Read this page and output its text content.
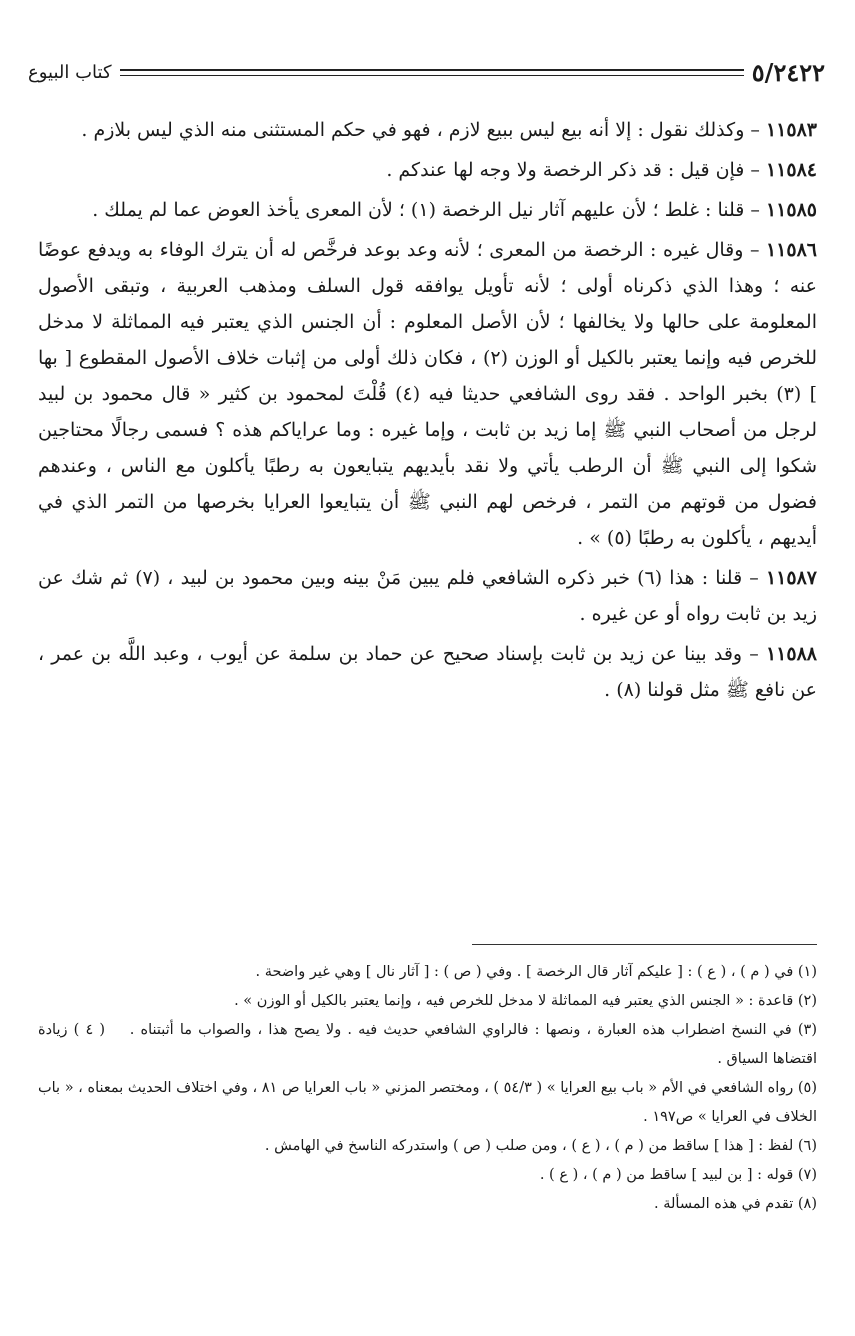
٥/٢٤٢٢
كتاب البيوع

١١٥٨٣ – وكذلك نقول : إلا أنه بيع ليس ببيع لازم ، فهو في حكم المستثنى منه الذي ليس بلازم .

١١٥٨٤ – فإن قيل : قد ذكر الرخصة ولا وجه لها عندكم .

١١٥٨٥ – قلنا : غلط ؛ لأن عليهم آثار نيل الرخصة (١) ؛ لأن المعرى يأخذ العوض عما لم يملك .

١١٥٨٦ – وقال غيره : الرخصة من المعرى ؛ لأنه وعد بوعد فرخَّص له أن يترك الوفاء به ويدفع عوضًا عنه ؛ وهذا الذي ذكرناه أولى ؛ لأنه تأويل يوافقه قول السلف ومذهب العربية ، وتبقى الأصول المعلومة على حالها ولا يخالفها ؛ لأن الأصل المعلوم : أن الجنس الذي يعتبر فيه المماثلة لا مدخل للخرص فيه وإنما يعتبر بالكيل أو الوزن (٢) ، فكان ذلك أولى من إثبات خلاف الأصول المقطوع [ بها ] (٣) بخبر الواحد . فقد روى الشافعي حديثا فيه (٤) قُلْتَ لمحمود بن كثير « قال محمود بن لبيد لرجل من أصحاب النبي ﷺ إما زيد بن ثابت ، وإما غيره : وما عراياكم هذه ؟ فسمى رجالًا محتاجين شكوا إلى النبي ﷺ أن الرطب يأتي ولا نقد بأيديهم يتبايعون به رطبًا يأكلون مع الناس ، وعندهم فضول من قوتهم من التمر ، فرخص لهم النبي ﷺ أن يتبايعوا العرايا بخرصها من التمر الذي في أيديهم ، يأكلون به رطبًا (٥) » .

١١٥٨٧ – قلنا : هذا (٦) خبر ذكره الشافعي فلم يبين مَنْ بينه وبين محمود بن لبيد ، (٧) ثم شك عن زيد بن ثابت رواه أو عن غيره .

١١٥٨٨ – وقد بينا عن زيد بن ثابت بإسناد صحيح عن حماد بن سلمة عن أيوب ، وعبد اللَّه بن عمر ، عن نافع ﷺ مثل قولنا (٨) .

(١) في ( م ) ، ( ع ) : [ عليكم آثار قال الرخصة ] . وفي ( ص ) : [ آثار نال ] وهي غير واضحة .

(٢) قاعدة : « الجنس الذي يعتبر فيه المماثلة لا مدخل للخرص فيه ، وإنما يعتبر بالكيل أو الوزن » .

(٣) في النسخ اضطراب هذه العبارة ، ونصها : فالراوي الشافعي حديث فيه . ولا يصح هذا ، والصواب ما أثبتناه .    ( ٤ ) زيادة اقتضاها السياق .

(٥) رواه الشافعي في الأم « باب بيع العرايا » ( ٥٤/٣ ) ، ومختصر المزني « باب العرايا ص ٨١ ، وفي اختلاف الحديث بمعناه ، « باب الخلاف في العرايا » ص١٩٧ .

(٦) لفظ : [ هذا ] ساقط من ( م ) ، ( ع ) ، ومن صلب ( ص ) واستدركه الناسخ في الهامش .

(٧) قوله : [ بن لبيد ] ساقط من ( م ) ، ( ع ) .

(٨) تقدم في هذه المسألة .
